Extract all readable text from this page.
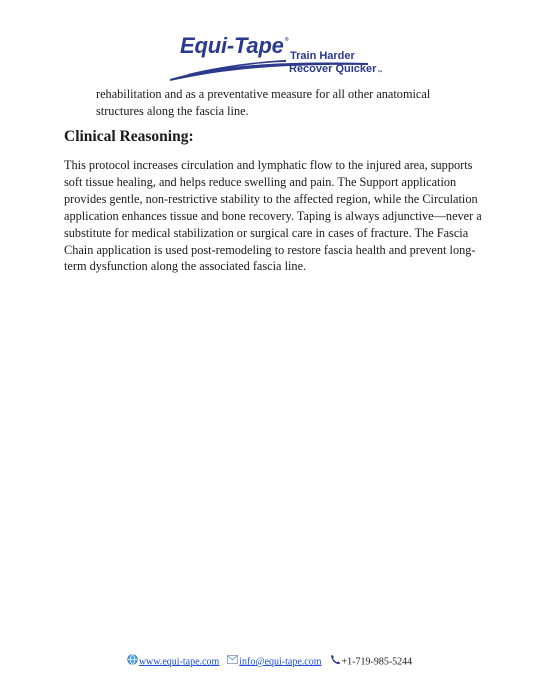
Equi-Tape®
Train Harder
Recover Quicker™

rehabilitation and as a preventative measure for all other anatomical structures along the fascia line.

Clinical Reasoning:

This protocol increases circulation and lymphatic flow to the injured area, supports soft tissue healing, and helps reduce swelling and pain. The Support application provides gentle, non-restrictive stability to the affected region, while the Circulation application enhances tissue and bone recovery. Taping is always adjunctive—never a substitute for medical stabilization or surgical care in cases of fracture. The Fascia Chain application is used post-remodeling to restore fascia health and prevent long-term dysfunction along the associated fascia line.

www.equi-tape.com info@equi-tape.com +1-719-985-5244
